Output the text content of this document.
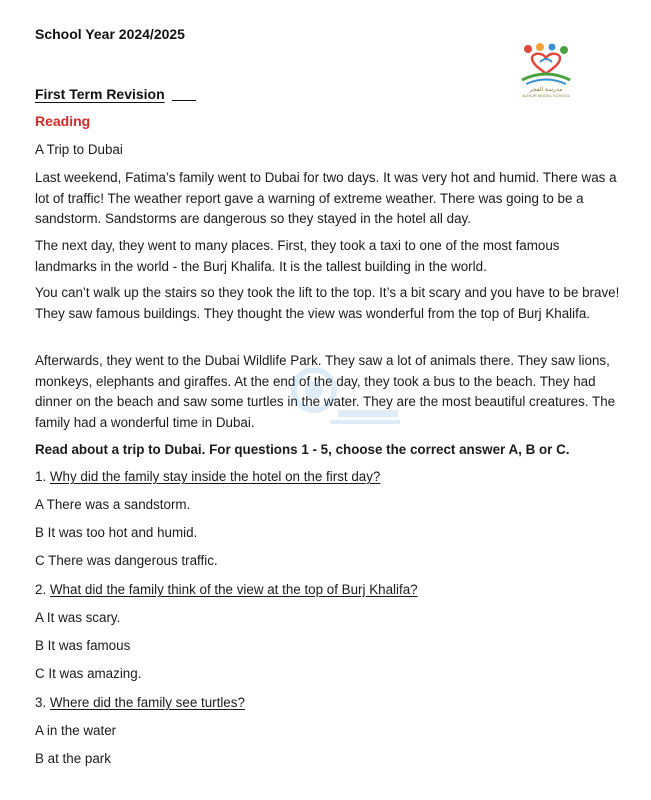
School Year 2024/2025
First Term Revision
Reading
مدرسة الفجر
ALFAJR MODEL SCHOOL

A Trip to Dubai

Last weekend, Fatima’s family went to Dubai for two days. It was very hot and humid. There was a lot of traffic! The weather report gave a warning of extreme weather. There was going to be a sandstorm. Sandstorms are dangerous so they stayed in the hotel all day.

The next day, they went to many places. First, they took a taxi to one of the most famous landmarks in the world - the Burj Khalifa. It is the tallest building in the world.

You can’t walk up the stairs so they took the lift to the top. It’s a bit scary and you have to be brave! They saw famous buildings. They thought the view was wonderful from the top of Burj Khalifa.

Afterwards, they went to the Dubai Wildlife Park. They saw a lot of animals there. They saw lions, monkeys, elephants and giraffes. At the end of the day, they took a bus to the beach. They had dinner on the beach and saw some turtles in the water. They are the most beautiful creatures. The family had a wonderful time in Dubai.

Read about a trip to Dubai. For questions 1 - 5, choose the correct answer A, B or C.

1. Why did the family stay inside the hotel on the first day?

A There was a sandstorm.

B It was too hot and humid.

C There was dangerous traffic.

2. What did the family think of the view at the top of Burj Khalifa?

A It was scary.

B It was famous

C It was amazing.

3. Where did the family see turtles?

A in the water

B at the park
